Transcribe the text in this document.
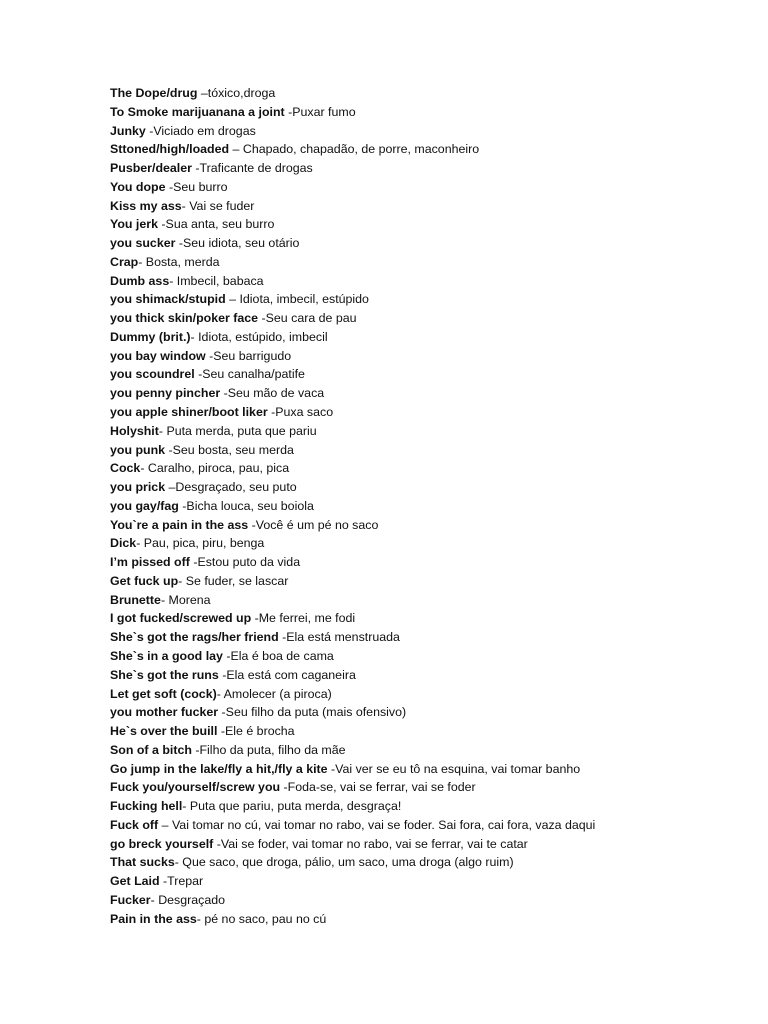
The Dope/drug –tóxico,droga
To Smoke marijuanana a joint -Puxar fumo
Junky -Viciado em drogas
Sttoned/high/loaded – Chapado, chapadão, de porre, maconheiro
Pusber/dealer -Traficante de drogas
You dope -Seu burro
Kiss my ass- Vai se fuder
You jerk -Sua anta, seu burro
you sucker -Seu idiota, seu otário
Crap- Bosta, merda
Dumb ass- Imbecil, babaca
you shimack/stupid – Idiota, imbecil, estúpido
you thick skin/poker face -Seu cara de pau
Dummy (brit.)- Idiota, estúpido, imbecil
you bay window -Seu barrigudo
you scoundrel -Seu canalha/patife
you penny pincher -Seu mão de vaca
you apple shiner/boot liker -Puxa saco
Holyshit- Puta merda, puta que pariu
you punk -Seu bosta, seu merda
Cock- Caralho, piroca, pau, pica
you prick –Desgraçado, seu puto
you gay/fag -Bicha louca, seu boiola
You`re a pain in the ass -Você é um pé no saco
Dick- Pau, pica, piru, benga
I’m pissed off -Estou puto da vida
Get fuck up- Se fuder, se lascar
Brunette- Morena
I got fucked/screwed up -Me ferrei, me fodi
She`s got the rags/her friend -Ela está menstruada
She`s in a good lay -Ela é boa de cama
She`s got the runs -Ela está com caganeira
Let get soft (cock)- Amolecer (a piroca)
you mother fucker -Seu filho da puta (mais ofensivo)
He`s over the buill -Ele é brocha
Son of a bitch -Filho da puta, filho da mãe
Go jump in the lake/fly a hit,/fly a kite -Vai ver se eu tô na esquina, vai tomar banho
Fuck you/yourself/screw you -Foda-se, vai se ferrar, vai se foder
Fucking hell- Puta que pariu, puta merda, desgraça!
Fuck off – Vai tomar no cú, vai tomar no rabo, vai se foder. Sai fora, cai fora, vaza daqui
go breck yourself -Vai se foder, vai tomar no rabo, vai se ferrar, vai te catar
That sucks- Que saco, que droga, pálio, um saco, uma droga (algo ruim)
Get Laid -Trepar
Fucker- Desgraçado
Pain in the ass- pé no saco, pau no cú
